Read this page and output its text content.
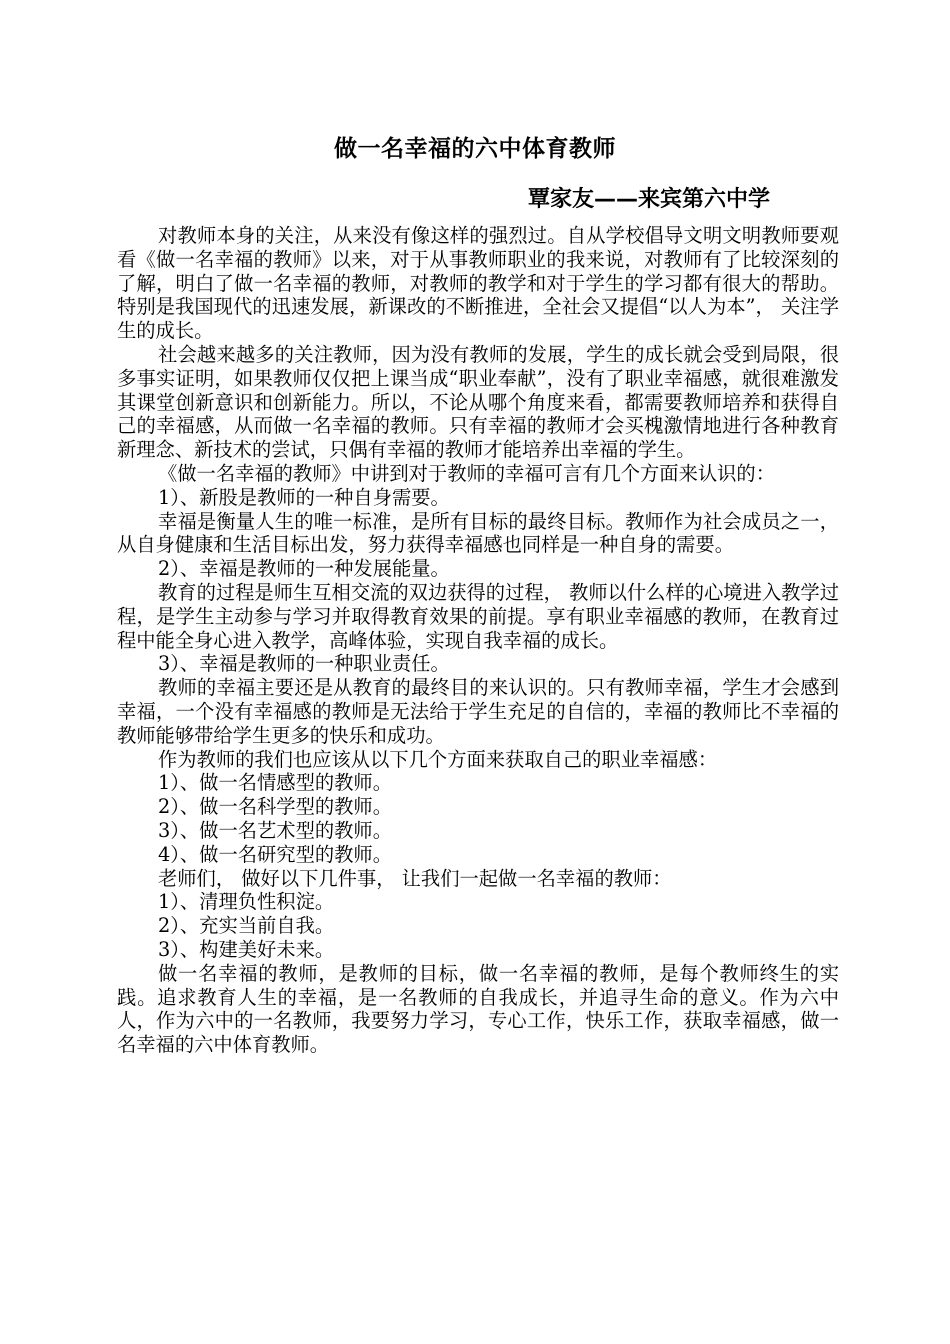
做一名幸福的六中体育教师
覃家友——来宾第六中学

对教师本身的关注，从来没有像这样的强烈过。自从学校倡导文明文明教师要观看《做一名幸福的教师》以来，对于从事教师职业的我来说，对教师有了比较深刻的了解，明白了做一名幸福的教师，对教师的教学和对于学生的学习都有很大的帮助。特别是我国现代的迅速发展，新课改的不断推进，全社会又提倡“以人为本”， 关注学生的成长。

社会越来越多的关注教师，因为没有教师的发展，学生的成长就会受到局限，很多事实证明，如果教师仅仅把上课当成“职业奉献”，没有了职业幸福感，就很难激发其课堂创新意识和创新能力。所以，不论从哪个角度来看，都需要教师培养和获得自己的幸福感，从而做一名幸福的教师。只有幸福的教师才会买槐激情地进行各种教育新理念、新技术的尝试，只偶有幸福的教师才能培养出幸福的学生。

《做一名幸福的教师》中讲到对于教师的幸福可言有几个方面来认识的：

1）、新股是教师的一种自身需要。

幸福是衡量人生的唯一标准，是所有目标的最终目标。教师作为社会成员之一，从自身健康和生活目标出发，努力获得幸福感也同样是一种自身的需要。

2）、幸福是教师的一种发展能量。

教育的过程是师生互相交流的双边获得的过程， 教师以什么样的心境进入教学过程，是学生主动参与学习并取得教育效果的前提。享有职业幸福感的教师，在教育过程中能全身心进入教学，高峰体验，实现自我幸福的成长。

3）、幸福是教师的一种职业责任。

教师的幸福主要还是从教育的最终目的来认识的。只有教师幸福，学生才会感到幸福，一个没有幸福感的教师是无法给于学生充足的自信的，幸福的教师比不幸福的教师能够带给学生更多的快乐和成功。

作为教师的我们也应该从以下几个方面来获取自己的职业幸福感：

1）、做一名情感型的教师。

2）、做一名科学型的教师。

3）、做一名艺术型的教师。

4）、做一名研究型的教师。

老师们， 做好以下几件事， 让我们一起做一名幸福的教师：

1）、清理负性积淀。

2）、充实当前自我。

3）、构建美好未来。

做一名幸福的教师，是教师的目标，做一名幸福的教师，是每个教师终生的实践。追求教育人生的幸福，是一名教师的自我成长，并追寻生命的意义。作为六中人，作为六中的一名教师，我要努力学习，专心工作，快乐工作，获取幸福感，做一名幸福的六中体育教师。
